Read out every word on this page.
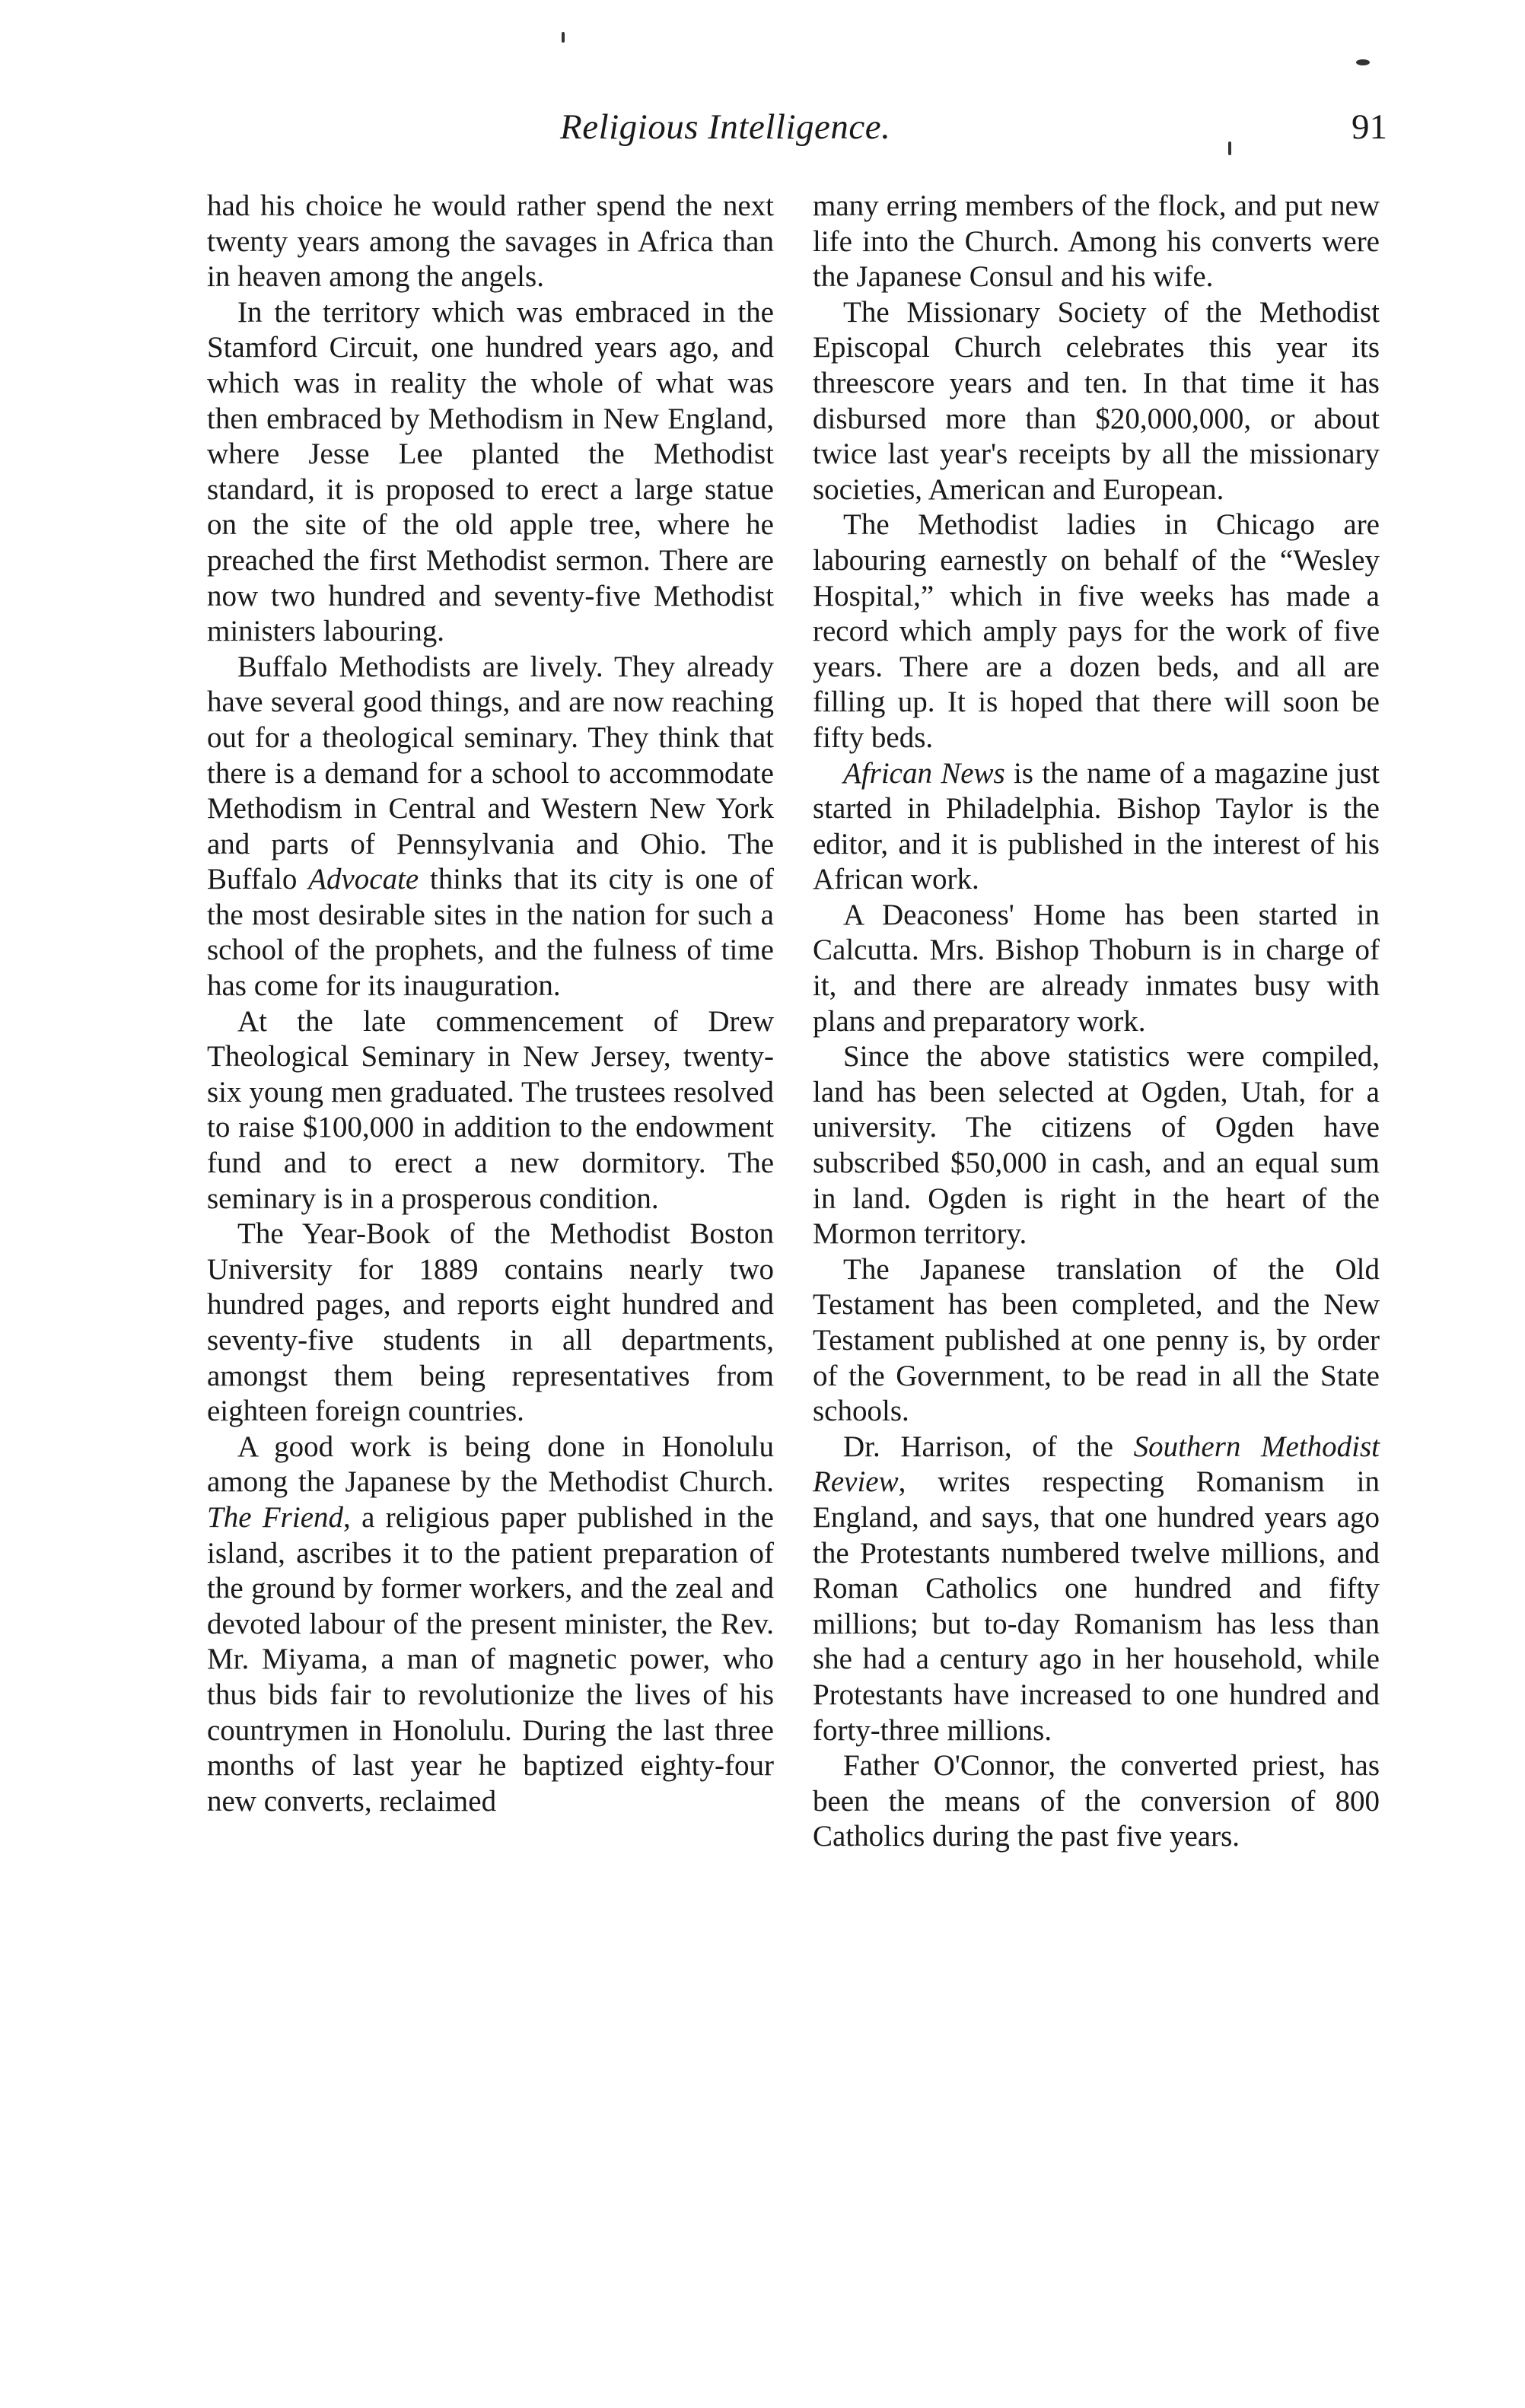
Religious Intelligence.	91

had his choice he would rather spend the next twenty years among the savages in Africa than in heaven among the angels.

In the territory which was embraced in the Stamford Circuit, one hundred years ago, and which was in reality the whole of what was then embraced by Methodism in New England, where Jesse Lee planted the Methodist standard, it is proposed to erect a large statue on the site of the old apple tree, where he preached the first Methodist sermon. There are now two hundred and seventy-five Methodist ministers labouring.

Buffalo Methodists are lively. They already have several good things, and are now reaching out for a theological seminary. They think that there is a demand for a school to accommodate Methodism in Central and Western New York and parts of Pennsylvania and Ohio. The Buffalo Advocate thinks that its city is one of the most desirable sites in the nation for such a school of the prophets, and the fulness of time has come for its inauguration.

At the late commencement of Drew Theological Seminary in New Jersey, twenty-six young men graduated. The trustees resolved to raise $100,000 in addition to the endowment fund and to erect a new dormitory. The seminary is in a prosperous condition.

The Year-Book of the Methodist Boston University for 1889 contains nearly two hundred pages, and reports eight hundred and seventy-five students in all departments, amongst them being representatives from eighteen foreign countries.

A good work is being done in Honolulu among the Japanese by the Methodist Church. The Friend, a religious paper published in the island, ascribes it to the patient preparation of the ground by former workers, and the zeal and devoted labour of the present minister, the Rev. Mr. Miyama, a man of magnetic power, who thus bids fair to revolutionize the lives of his countrymen in Honolulu. During the last three months of last year he baptized eighty-four new converts, reclaimed

many erring members of the flock, and put new life into the Church. Among his converts were the Japanese Consul and his wife.

The Missionary Society of the Methodist Episcopal Church celebrates this year its threescore years and ten. In that time it has disbursed more than $20,000,000, or about twice last year's receipts by all the missionary societies, American and European.

The Methodist ladies in Chicago are labouring earnestly on behalf of the “Wesley Hospital,” which in five weeks has made a record which amply pays for the work of five years. There are a dozen beds, and all are filling up. It is hoped that there will soon be fifty beds.

African News is the name of a magazine just started in Philadelphia. Bishop Taylor is the editor, and it is published in the interest of his African work.

A Deaconess' Home has been started in Calcutta. Mrs. Bishop Thoburn is in charge of it, and there are already inmates busy with plans and preparatory work.

Since the above statistics were compiled, land has been selected at Ogden, Utah, for a university. The citizens of Ogden have subscribed $50,000 in cash, and an equal sum in land. Ogden is right in the heart of the Mormon territory.

The Japanese translation of the Old Testament has been completed, and the New Testament published at one penny is, by order of the Government, to be read in all the State schools.

Dr. Harrison, of the Southern Methodist Review, writes respecting Romanism in England, and says, that one hundred years ago the Protestants numbered twelve millions, and Roman Catholics one hundred and fifty millions; but to-day Romanism has less than she had a century ago in her household, while Protestants have increased to one hundred and forty-three millions.

Father O'Connor, the converted priest, has been the means of the conversion of 800 Catholics during the past five years.
